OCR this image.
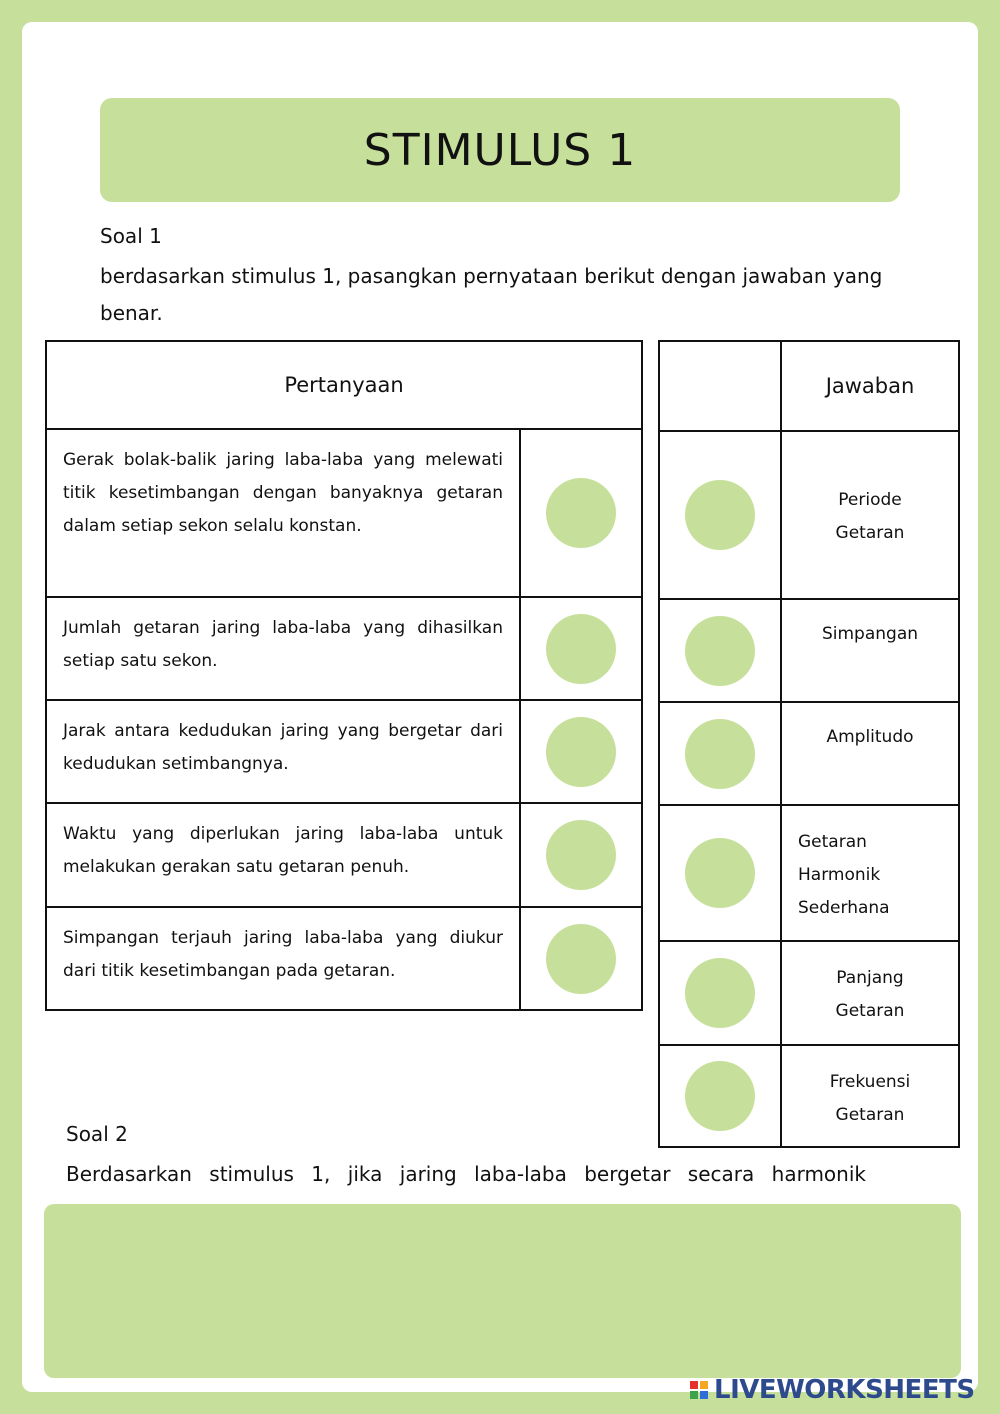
STIMULUS 1
Soal 1
berdasarkan stimulus 1, pasangkan pernyataan berikut dengan jawaban yang benar.
Pertanyaan	
Gerak bolak-balik jaring laba-laba yang melewati titik kesetimbangan dengan banyaknya getaran dalam setiap sekon selalu konstan.	
Jumlah getaran jaring laba-laba yang dihasilkan setiap satu sekon.	
Jarak antara kedudukan jaring yang bergetar dari kedudukan setimbangnya.	
Waktu yang diperlukan jaring laba-laba untuk melakukan gerakan satu getaran penuh.	
Simpangan terjauh jaring laba-laba yang diukur dari titik kesetimbangan pada getaran.	
	Jawaban
	Periode Getaran
	Simpangan
	Amplitudo
	Getaran Harmonik Sederhana
	Panjang Getaran
	Frekuensi Getaran
Soal 2
Berdasarkan stimulus 1, jika jaring laba-laba bergetar secara harmonik
LIVEWORKSHEETS
